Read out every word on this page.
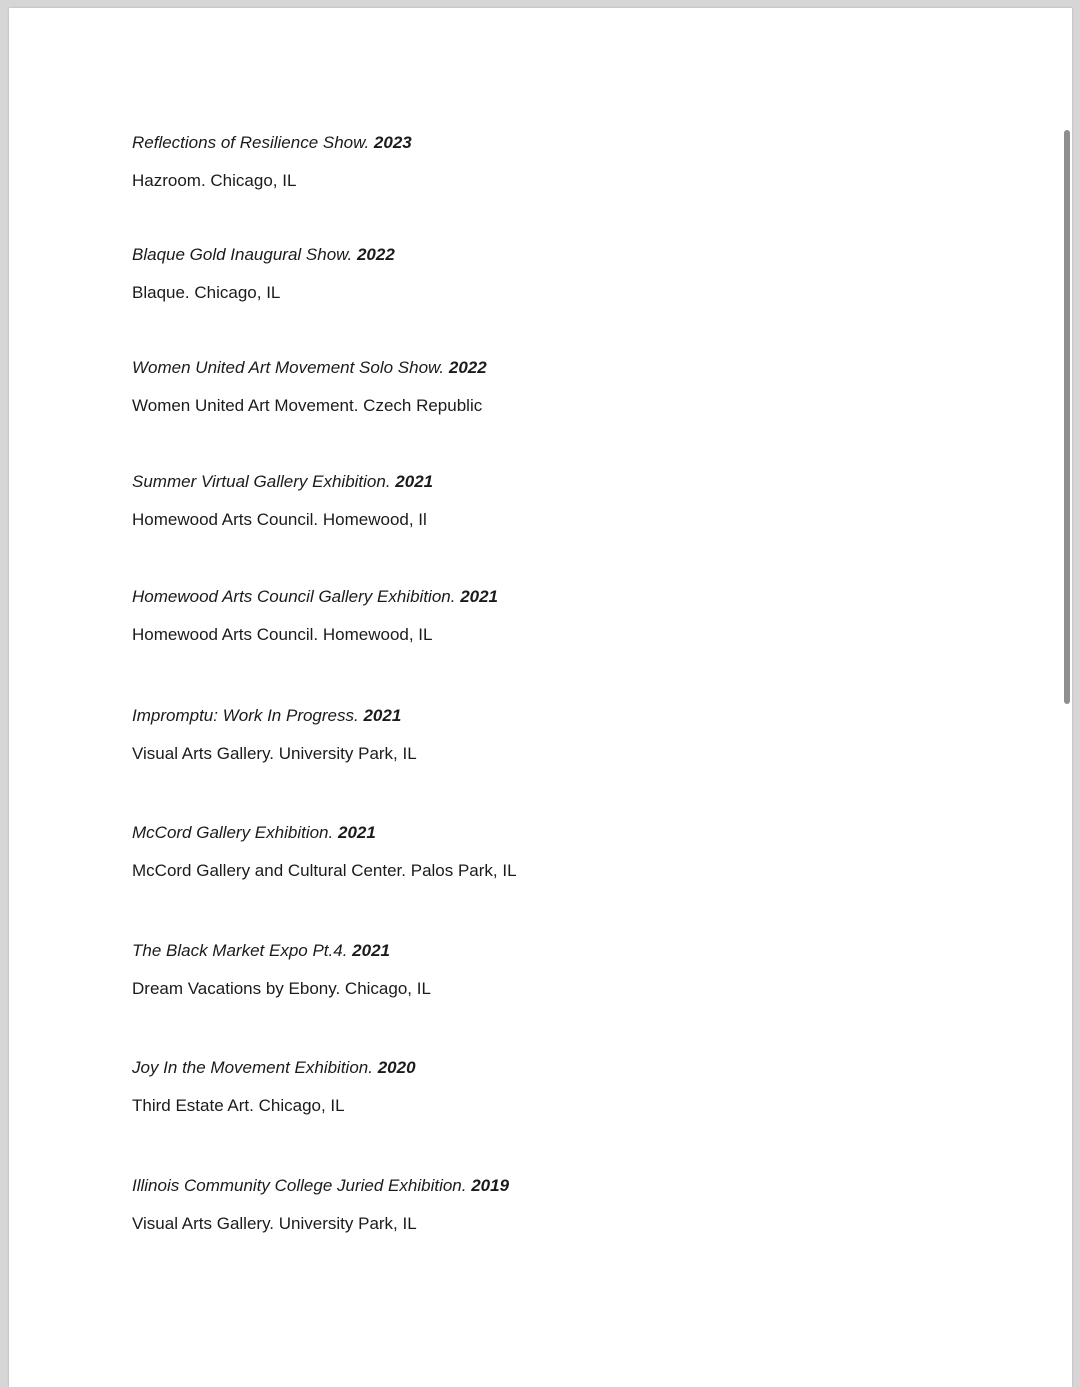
Reflections of Resilience Show. 2023
Hazroom. Chicago, IL
Blaque Gold Inaugural Show. 2022
Blaque. Chicago, IL
Women United Art Movement Solo Show. 2022
Women United Art Movement. Czech Republic
Summer Virtual Gallery Exhibition. 2021
Homewood Arts Council. Homewood, Il
Homewood Arts Council Gallery Exhibition. 2021
Homewood Arts Council. Homewood, IL
Impromptu: Work In Progress. 2021
Visual Arts Gallery. University Park, IL
McCord Gallery Exhibition. 2021
McCord Gallery and Cultural Center. Palos Park, IL
The Black Market Expo Pt.4. 2021
Dream Vacations by Ebony. Chicago, IL
Joy In the Movement Exhibition. 2020
Third Estate Art. Chicago, IL
Illinois Community College Juried Exhibition. 2019
Visual Arts Gallery. University Park, IL
